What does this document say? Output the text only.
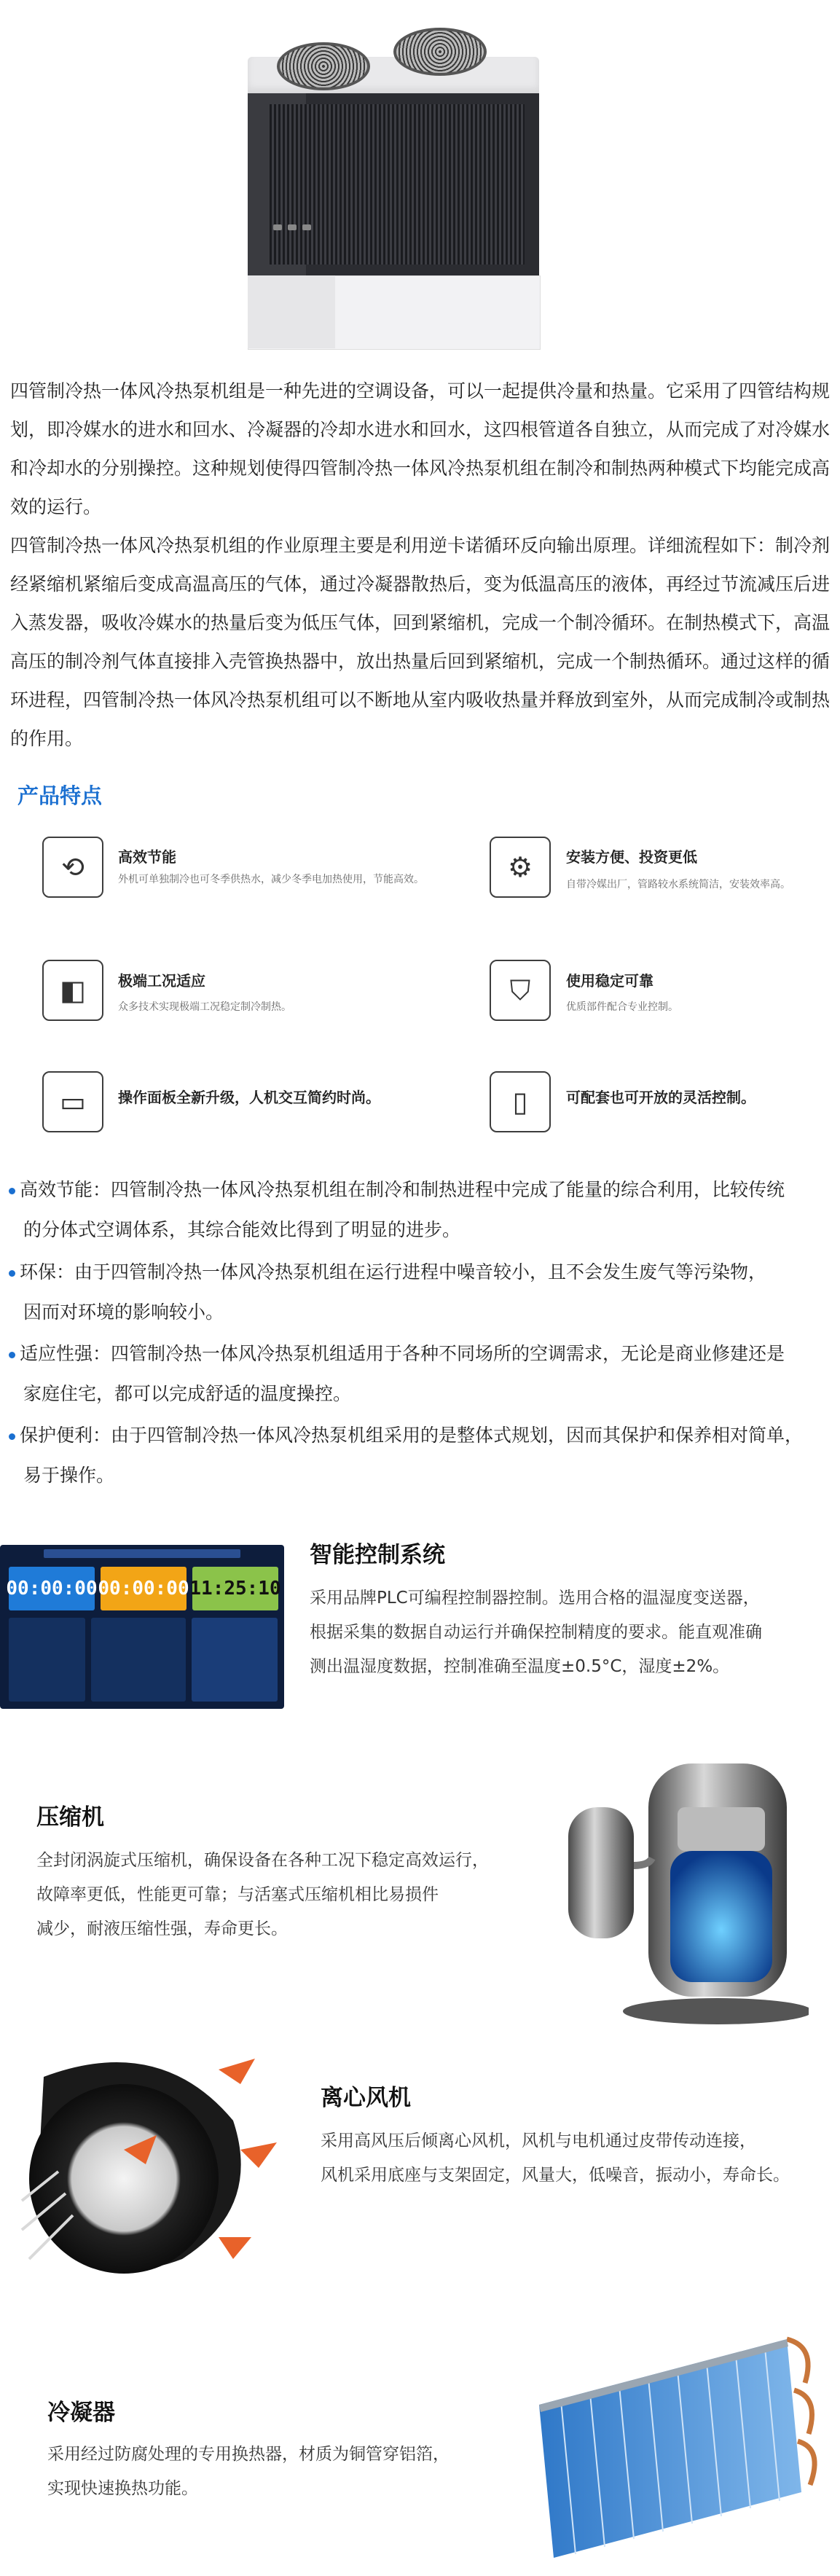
四管制冷热一体风冷热泵机组是一种先进的空调设备，可以一起提供冷量和热量。它采用了四管结构规划，即冷媒水的进水和回水、冷凝器的冷却水进水和回水，这四根管道各自独立，从而完成了对冷媒水和冷却水的分别操控。这种规划使得四管制冷热一体风冷热泵机组在制冷和制热两种模式下均能完成高效的运行。
四管制冷热一体风冷热泵机组的作业原理主要是利用逆卡诺循环反向输出原理。详细流程如下：制冷剂经紧缩机紧缩后变成高温高压的气体，通过冷凝器散热后，变为低温高压的液体，再经过节流减压后进入蒸发器，吸收冷媒水的热量后变为低压气体，回到紧缩机，完成一个制冷循环。在制热模式下，高温高压的制冷剂气体直接排入壳管换热器中，放出热量后回到紧缩机，完成一个制热循环。通过这样的循环进程，四管制冷热一体风冷热泵机组可以不断地从室内吸收热量并释放到室外，从而完成制冷或制热的作用。
产品特点
⟲	高效节能
外机可单独制冷也可冬季供热水，减少冬季电加热使用，节能高效。	⚙	安装方便、投资更低
自带冷媒出厂，管路较水系统简洁，安装效率高。
◧	极端工况适应
众多技术实现极端工况稳定制冷制热。
⛉	使用稳定可靠
优质部件配合专业控制。
▭	操作面板全新升级，人机交互简约时尚。	▯	可配套也可开放的灵活控制。
高效节能：四管制冷热一体风冷热泵机组在制冷和制热进程中完成了能量的综合利用，比较传统
的分体式空调体系，其综合能效比得到了明显的进步。
环保：由于四管制冷热一体风冷热泵机组在运行进程中噪音较小，且不会发生废气等污染物，
因而对环境的影响较小。
适应性强：四管制冷热一体风冷热泵机组适用于各种不同场所的空调需求，无论是商业修建还是
家庭住宅，都可以完成舒适的温度操控。
保护便利：由于四管制冷热一体风冷热泵机组采用的是整体式规划，因而其保护和保养相对简单，
易于操作。
00:00:00 00:00:00 11:25:10
智能控制系统
采用品牌PLC可编程控制器控制。选用合格的温湿度变送器，
根据采集的数据自动运行并确保控制精度的要求。能直观准确
测出温湿度数据，控制准确至温度±0.5°C，湿度±2%。
压缩机
全封闭涡旋式压缩机，确保设备在各种工况下稳定高效运行，
故障率更低，性能更可靠；与活塞式压缩机相比易损件
减少，耐液压缩性强，寿命更长。
离心风机
采用高风压后倾离心风机，风机与电机通过皮带传动连接，
风机采用底座与支架固定，风量大，低噪音，振动小，寿命长。
冷凝器
采用经过防腐处理的专用换热器，材质为铜管穿铝箔，
实现快速换热功能。
